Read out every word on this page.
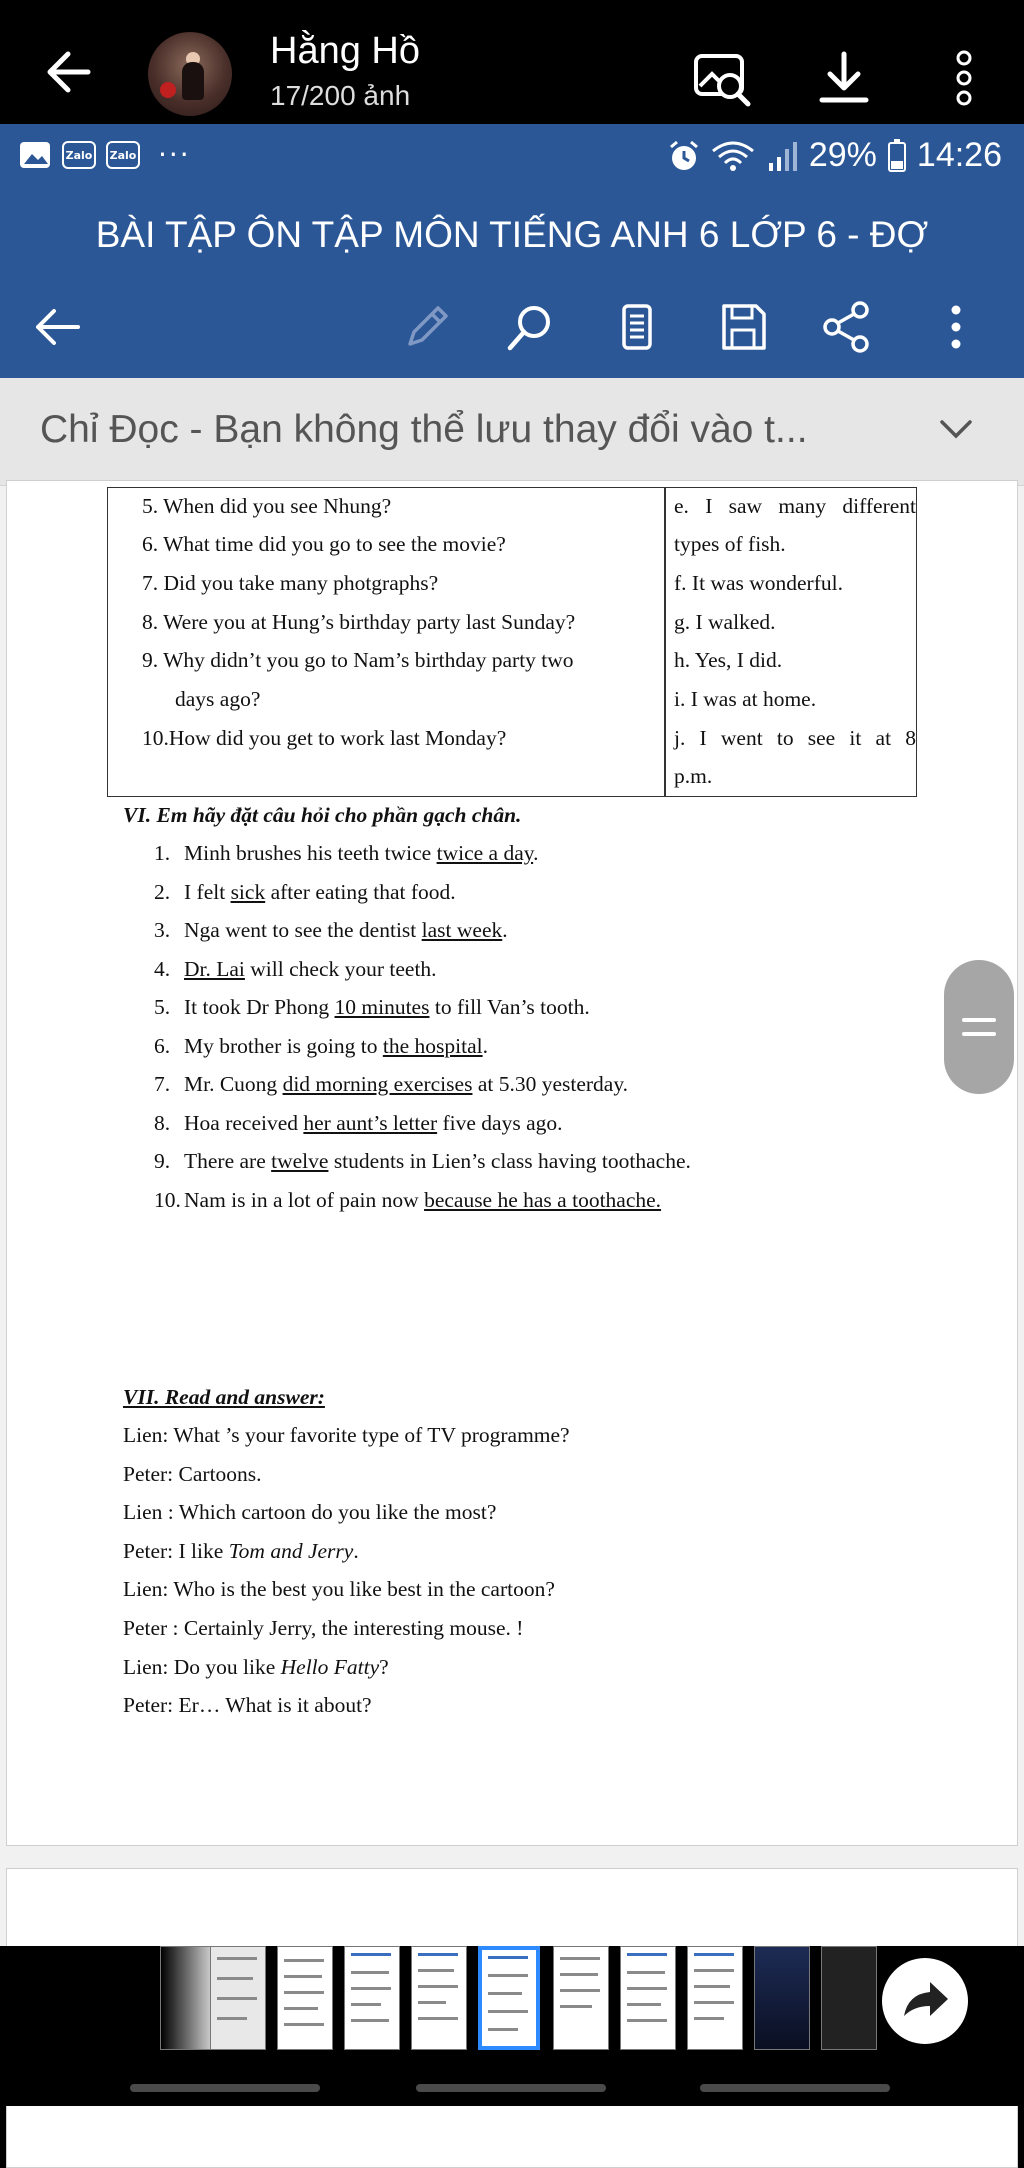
Hằng Hồ
17/200 ảnh
Zalo	Zalo ···	29% 14:26
BÀI TẬP ÔN TẬP MÔN TIẾNG ANH 6 LỚP 6 - ĐỢ
Chỉ Đọc - Bạn không thể lưu thay đổi vào t...
5. When did you see Nhung?
6. What time did you go to see the movie?
7. Did you take many photgraphs?
8. Were you at Hung’s birthday party last Sunday?
9. Why didn’t you go to Nam’s birthday party two
days ago?
10.How did you get to work last Monday?
e. I saw many different
types of fish.
f. It was wonderful.
g. I walked.
h. Yes, I did.
i. I was at home.
j. I went to see it at 8
p.m.
VI. Em hãy đặt câu hỏi cho phần gạch chân.
1. Minh brushes his teeth twice twice a day.
2. I felt sick after eating that food.
3. Nga went to see the dentist last week.
4. Dr. Lai will check your teeth.
5. It took Dr Phong 10 minutes to fill Van’s tooth.
6. My brother is going to the hospital.
7. Mr. Cuong did morning exercises at 5.30 yesterday.
8. Hoa received her aunt’s letter five days ago.
9. There are twelve students in Lien’s class having toothache.
10. Nam is in a lot of pain now because he has a toothache.
VII. Read and answer:
Lien: What ’s your favorite type of TV programme?
Peter: Cartoons.
Lien : Which cartoon do you like the most?
Peter: I like Tom and Jerry.
Lien: Who is the best you like best in the cartoon?
Peter : Certainly Jerry, the interesting mouse. !
Lien: Do you like Hello Fatty?
Peter: Er… What is it about?
